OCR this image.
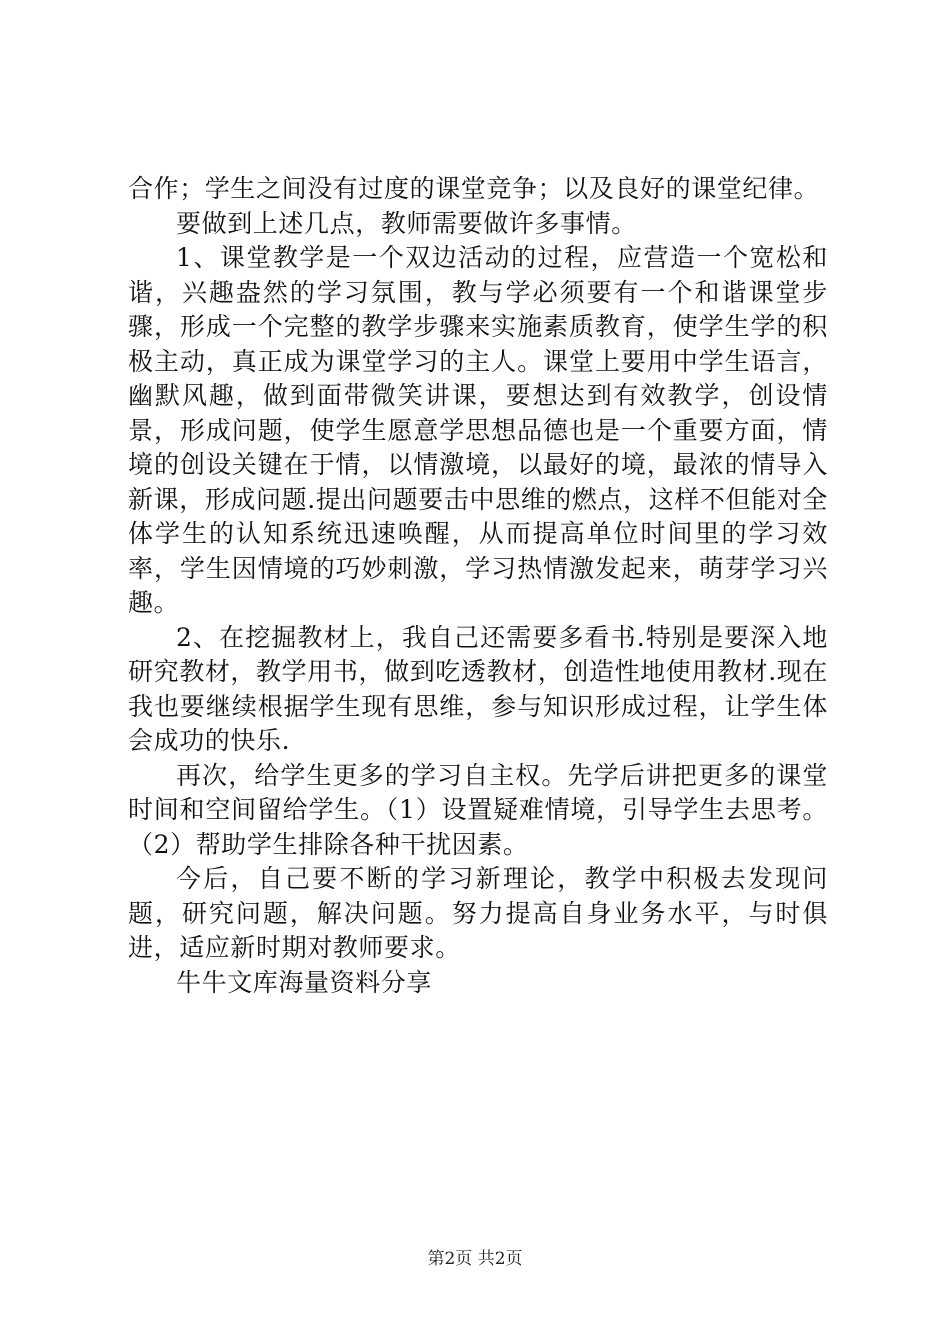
合作；学生之间没有过度的课堂竞争；以及良好的课堂纪律。

要做到上述几点，教师需要做许多事情。

1、课堂教学是一个双边活动的过程，应营造一个宽松和谐，兴趣盎然的学习氛围，教与学必须要有一个和谐课堂步骤，形成一个完整的教学步骤来实施素质教育，使学生学的积极主动，真正成为课堂学习的主人。课堂上要用中学生语言，幽默风趣，做到面带微笑讲课，要想达到有效教学，创设情景，形成问题，使学生愿意学思想品德也是一个重要方面，情境的创设关键在于情，以情激境，以最好的境，最浓的情导入新课，形成问题.提出问题要击中思维的燃点，这样不但能对全体学生的认知系统迅速唤醒，从而提高单位时间里的学习效率，学生因情境的巧妙刺激，学习热情激发起来，萌芽学习兴趣。

2、在挖掘教材上，我自己还需要多看书.特别是要深入地研究教材，教学用书，做到吃透教材，创造性地使用教材.现在我也要继续根据学生现有思维，参与知识形成过程，让学生体会成功的快乐.

再次，给学生更多的学习自主权。先学后讲把更多的课堂时间和空间留给学生。（1）设置疑难情境，引导学生去思考。（2）帮助学生排除各种干扰因素。

今后，自己要不断的学习新理论，教学中积极去发现问题，研究问题，解决问题。努力提高自身业务水平，与时俱进，适应新时期对教师要求。

牛牛文库海量资料分享

第2页 共2页
